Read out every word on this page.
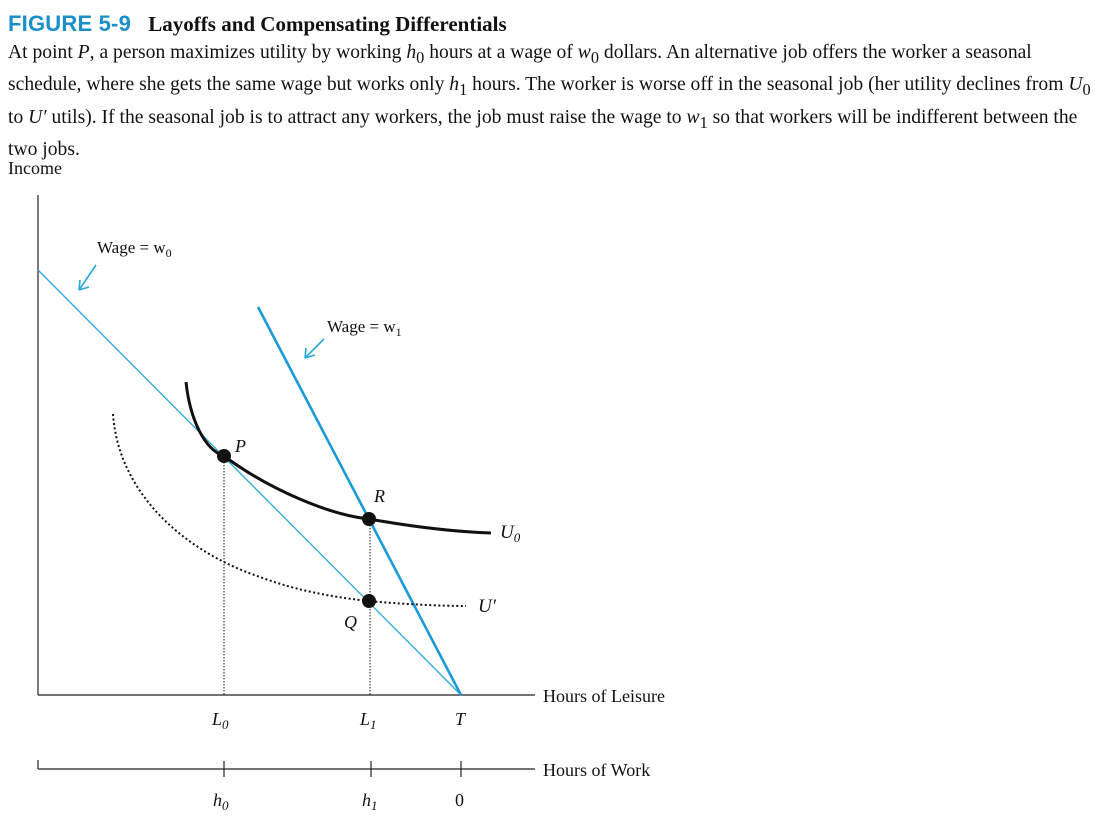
FIGURE 5-9 Layoffs and Compensating Differentials
At point P, a person maximizes utility by working $h_0$ hours at a wage of $w_0$ dollars. An alternative job offers the worker a seasonal schedule, where she gets the same wage but works only $h_1$ hours. The worker is worse off in the seasonal job (her utility declines from $U_0$ to U′ utils). If the seasonal job is to attract any workers, the job must raise the wage to $w_1$ so that workers will be indifferent between the two jobs.
Income
P
R
Q
$U_0$
U′
Wage = $w_0$
Wage = $w_1$
Hours of Leisure
$L_0$	$L_1$	T
Hours of Work
$h_0$	$h_1$	0
